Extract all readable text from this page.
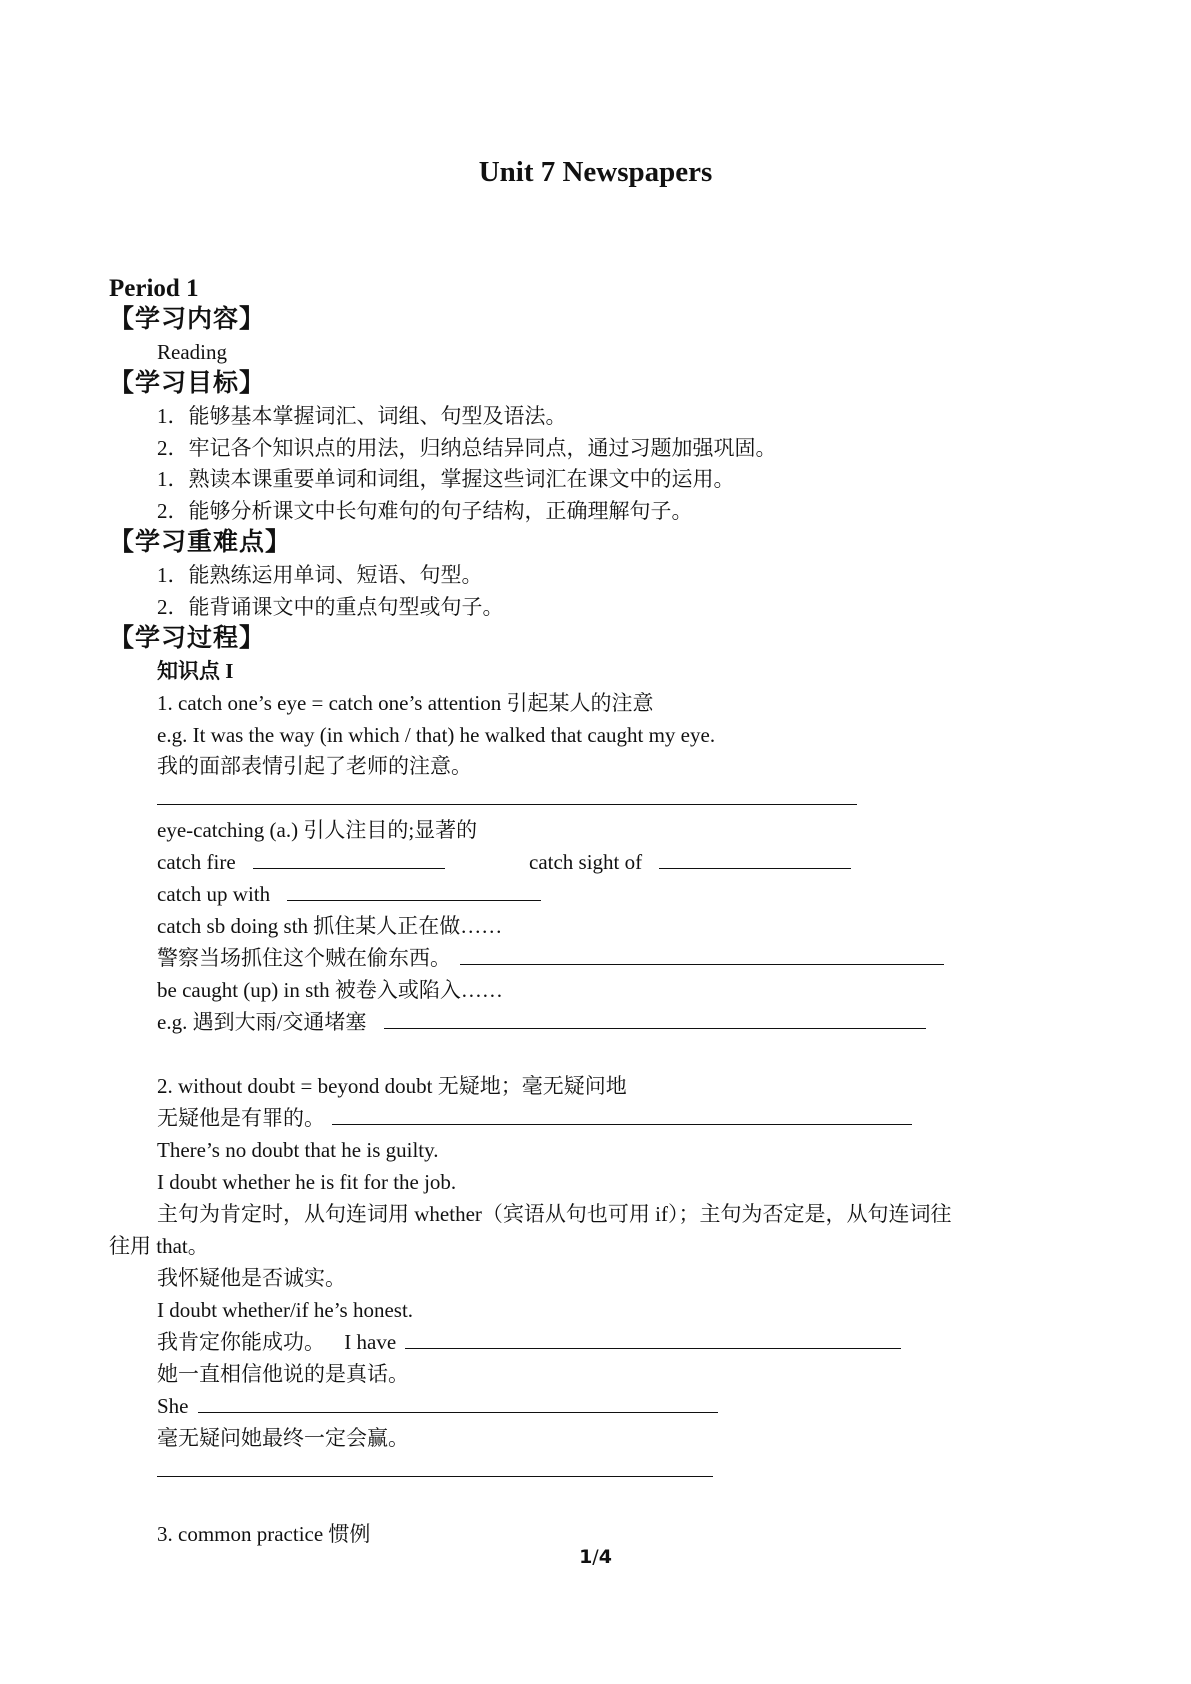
Unit 7 Newspapers
Period 1
【学习内容】
Reading
【学习目标】
1．能够基本掌握词汇、词组、句型及语法。
2．牢记各个知识点的用法，归纳总结异同点，通过习题加强巩固。
1．熟读本课重要单词和词组，掌握这些词汇在课文中的运用。
2．能够分析课文中长句难句的句子结构，正确理解句子。
【学习重难点】
1．能熟练运用单词、短语、句型。
2．能背诵课文中的重点句型或句子。
【学习过程】
知识点 I
1. catch one’s eye = catch one’s attention 引起某人的注意
e.g. It was the way (in which / that) he walked that caught my eye.
我的面部表情引起了老师的注意。
eye-catching (a.) 引人注目的;显著的
catch fire	catch sight of
catch up with
catch sb doing sth 抓住某人正在做……
警察当场抓住这个贼在偷东西。
be caught (up) in sth 被卷入或陷入……
e.g. 遇到大雨/交通堵塞
2. without doubt = beyond doubt 无疑地；毫无疑问地
无疑他是有罪的。
There’s no doubt that he is guilty.
I doubt whether he is fit for the job.
主句为肯定时，从句连词用 whether（宾语从句也可用 if）；主句为否定是，从句连词往
往用 that。
我怀疑他是否诚实。
I doubt whether/if he’s honest.
我肯定你能成功。 I have
她一直相信他说的是真话。
She
毫无疑问她最终一定会赢。
3. common practice 惯例
1/4
